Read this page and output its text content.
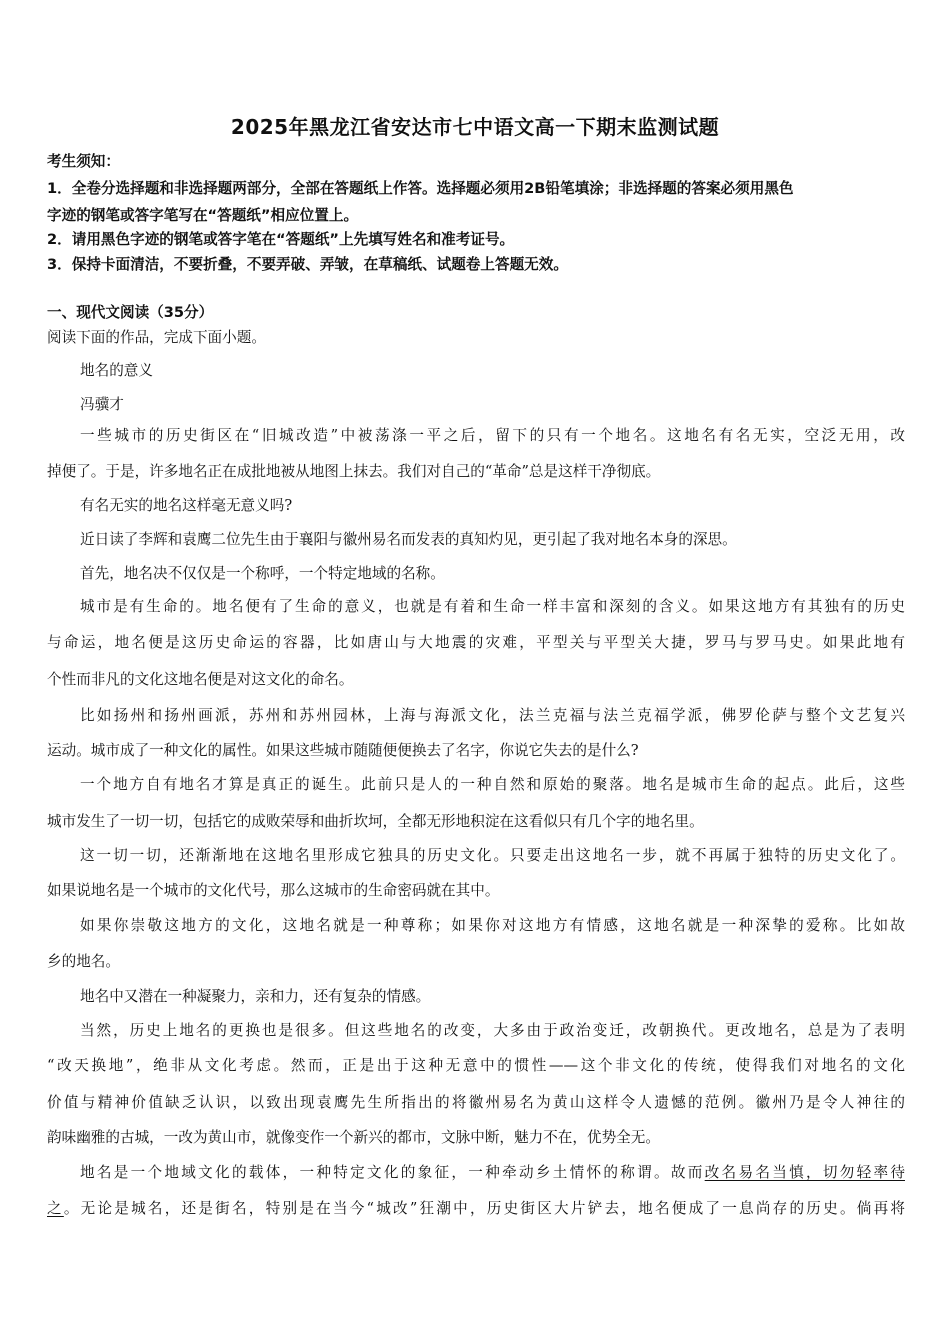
2025年黑龙江省安达市七中语文高一下期末监测试题
考生须知：
1．全卷分选择题和非选择题两部分，全部在答题纸上作答。选择题必须用2B铅笔填涂；非选择题的答案必须用黑色
字迹的钢笔或答字笔写在“答题纸”相应位置上。
2．请用黑色字迹的钢笔或答字笔在“答题纸”上先填写姓名和准考证号。
3．保持卡面清洁，不要折叠，不要弄破、弄皱，在草稿纸、试题卷上答题无效。
一、现代文阅读（35分）
阅读下面的作品，完成下面小题。
地名的意义
冯骥才
一些城市的历史街区在“旧城改造”中被荡涤一平之后，留下的只有一个地名。这地名有名无实，空泛无用，改
掉便了。于是，许多地名正在成批地被从地图上抹去。我们对自己的“革命”总是这样干净彻底。
有名无实的地名这样毫无意义吗?
近日读了李辉和袁鹰二位先生由于襄阳与徽州易名而发表的真知灼见，更引起了我对地名本身的深思。
首先，地名决不仅仅是一个称呼，一个特定地域的名称。
城市是有生命的。地名便有了生命的意义，也就是有着和生命一样丰富和深刻的含义。如果这地方有其独有的历史
与命运，地名便是这历史命运的容器，比如唐山与大地震的灾难，平型关与平型关大捷，罗马与罗马史。如果此地有
个性而非凡的文化这地名便是对这文化的命名。
比如扬州和扬州画派，苏州和苏州园林，上海与海派文化，法兰克福与法兰克福学派，佛罗伦萨与整个文艺复兴
运动。城市成了一种文化的属性。如果这些城市随随便便换去了名字，你说它失去的是什么?
一个地方自有地名才算是真正的诞生。此前只是人的一种自然和原始的聚落。地名是城市生命的起点。此后，这些
城市发生了一切一切，包括它的成败荣辱和曲折坎坷，全都无形地积淀在这看似只有几个字的地名里。
这一切一切，还渐渐地在这地名里形成它独具的历史文化。只要走出这地名一步，就不再属于独特的历史文化了。
如果说地名是一个城市的文化代号，那么这城市的生命密码就在其中。
如果你崇敬这地方的文化，这地名就是一种尊称；如果你对这地方有情感，这地名就是一种深挚的爱称。比如故
乡的地名。
地名中又潜在一种凝聚力，亲和力，还有复杂的情感。
当然，历史上地名的更换也是很多。但这些地名的改变，大多由于政治变迁，改朝换代。更改地名，总是为了表明
“改天换地”，绝非从文化考虑。然而，正是出于这种无意中的惯性——这个非文化的传统，使得我们对地名的文化
价值与精神价值缺乏认识，以致出现袁鹰先生所指出的将徽州易名为黄山这样令人遗憾的范例。徽州乃是令人神往的
韵味幽雅的古城，一改为黄山市，就像变作一个新兴的都市，文脉中断，魅力不在，优势全无。
地名是一个地域文化的载体，一种特定文化的象征，一种牵动乡土情怀的称谓。故而改名易名当慎，切勿轻率待
之。无论是城名，还是街名，特别是在当今“城改”狂潮中，历史街区大片铲去，地名便成了一息尚存的历史。倘再将
